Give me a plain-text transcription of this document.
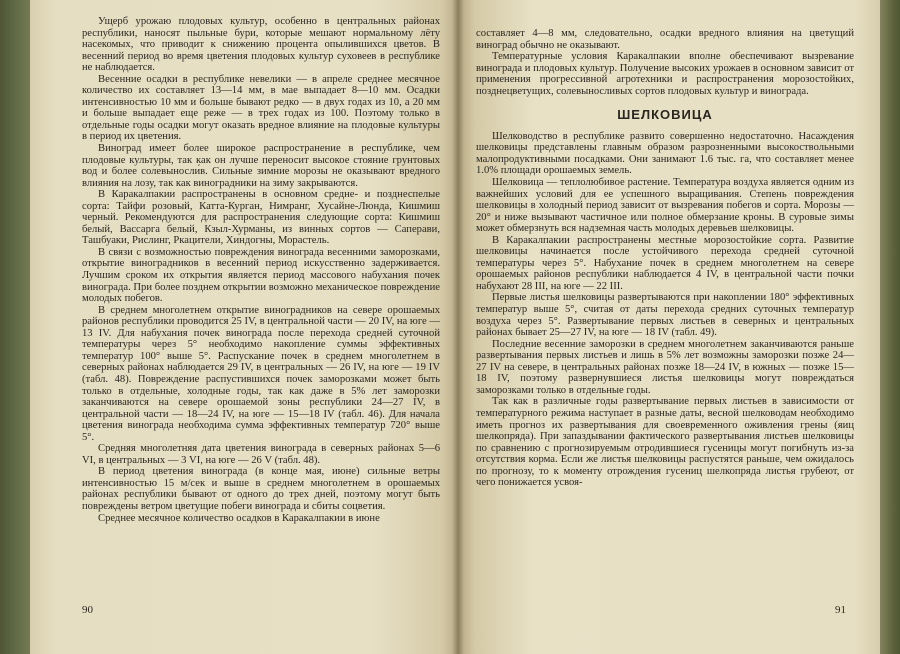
Ущерб урожаю плодовых культур, особенно в центральных районах республики, наносят пыльные бури, которые мешают нормальному лёту насекомых, что приводит к снижению процента опылившихся цветов. В весенний период во время цветения плодовых культур суховеев в республике не наблюдается.

Весенние осадки в республике невелики — в апреле среднее месячное количество их составляет 13—14 мм, в мае выпадает 8—10 мм. Осадки интенсивностью 10 мм и больше бывают редко — в двух годах из 10, а 20 мм и больше выпадает еще реже — в трех годах из 100. Поэтому только в отдельные годы осадки могут оказать вредное влияние на плодовые культуры в период их цветения.

Виноград имеет более широкое распространение в республике, чем плодовые культуры, так как он лучше переносит высокое стояние грунтовых вод и более солевыносли́в. Сильные зимние морозы не оказывают вредного влияния на лозу, так как виноградники на зиму закрываются.

В Каракалпакии распространены в основном средне- и позднеспелые сорта: Тайфи розовый, Катта-Курган, Нимранг, Хусайне-Люнда, Кишмиш черный. Рекомендуются для распространения следующие сорта: Кишмиш белый, Вассарга белый, Кзыл-Хурманы, из винных сортов — Саперави, Ташбуаки, Рислинг, Ркацители, Хиндогны, Морастель.

В связи с возможностью повреждения винограда весенними заморозками, открытие виноградников в весенний период искусственно задерживается. Лучшим сроком их открытия является период массового набухания почек винограда. При более позднем открытии возможно механическое повреждение молодых побегов.

В среднем многолетнем открытие виноградников на севере орошаемых районов республики проводится 25 IV, в центральной части — 20 IV, на юге — 13 IV. Для набухания почек винограда после перехода средней суточной температуры через 5° необходимо накопление суммы эффективных температур 100° выше 5°. Распускание почек в среднем многолетнем в северных районах наблюдается 29 IV, в центральных — 26 IV, на юге — 19 IV (табл. 48). Повреждение распустившихся почек заморозками может быть только в отдельные, холодные годы, так как даже в 5% лет заморозки заканчиваются на севере орошаемой зоны республики 24—27 IV, в центральной части — 18—24 IV, на юге — 15—18 IV (табл. 46). Для начала цветения винограда необходима сумма эффективных температур 720° выше 5°.

Средняя многолетняя дата цветения винограда в северных районах 5—6 VI, в центральных — 3 VI, на юге — 26 V (табл. 48).

В период цветения винограда (в конце мая, июне) сильные ветры интенсивностью 15 м/сек и выше в среднем многолетнем в орошаемых районах республики бывают от одного до трех дней, поэтому могут быть повреждены ветром цветущие побеги винограда и сбиты соцветия.

Среднее месячное количество осадков в Каракалпакии в июне

90

составляет 4—8 мм, следовательно, осадки вредного влияния на цветущий виноград обычно не оказывают.

Температурные условия Каракалпакии вполне обеспечивают вызревание винограда и плодовых культур. Получение высоких урожаев в основном зависит от применения прогрессивной агротехники и распространения морозостойких, позднецветущих, солевыносливых сортов плодовых культур и винограда.

ШЕЛКОВИЦА

Шелководство в республике развито совершенно недостаточно. Насаждения шелковицы представлены главным образом разрозненными высокоствольными малопродуктивными посадками. Они занимают 1.6 тыс. га, что составляет менее 1.0% площади орошаемых земель.

Шелковица — теплолюбивое растение. Температура воздуха является одним из важнейших условий для ее успешного выращивания. Степень повреждения шелковицы в холодный период зависит от вызревания побегов и сорта. Морозы —20° и ниже вызывают частичное или полное обмерзание кроны. В суровые зимы может обмерзнуть вся надземная часть молодых деревьев шелковицы.

В Каракалпакии распространены местные морозостойкие сорта. Развитие шелковицы начинается после устойчивого перехода средней суточной температуры через 5°. Набухание почек в среднем многолетнем на севере орошаемых районов республики наблюдается 4 IV, в центральной части почки набухают 28 III, на юге — 22 III.

Первые листья шелковицы развертываются при накоплении 180° эффективных температур выше 5°, считая от даты перехода средних суточных температур воздуха через 5°. Развертывание первых листьев в северных и центральных районах бывает 25—27 IV, на юге — 18 IV (табл. 49).

Последние весенние заморозки в среднем многолетнем заканчиваются раньше развертывания первых листьев и лишь в 5% лет возможны заморозки позже 24—27 IV на севере, в центральных районах позже 18—24 IV, в южных — позже 15—18 IV, поэтому развернувшиеся листья шелковицы могут повреждаться заморозками только в отдельные годы.

Так как в различные годы развертывание первых листьев в зависимости от температурного режима наступает в разные даты, весной шелководам необходимо иметь прогноз их развертывания для своевременного оживления грены (яиц шелкопряда). При запаздывании фактического развертывания листьев шелковицы по сравнению с прогнозируемым отродившиеся гусеницы могут погибнуть из-за отсутствия корма. Если же листья шелковицы распустятся раньше, чем ожидалось по прогнозу, то к моменту отрождения гусениц шелкопряда листья грубеют, от чего понижается усвоя-

91
